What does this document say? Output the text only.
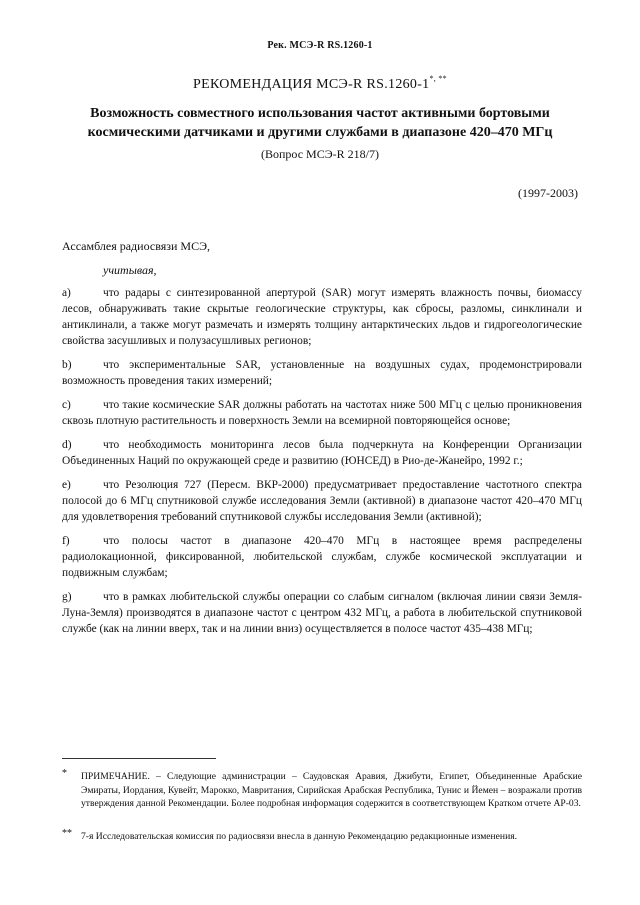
Рек. МСЭ-R RS.1260-1
РЕКОМЕНДАЦИЯ МСЭ-R RS.1260-1*, **
Возможность совместного использования частот активными бортовыми космическими датчиками и другими службами в диапазоне 420–470 МГц
(Вопрос МСЭ-R 218/7)
(1997-2003)
Ассамблея радиосвязи МСЭ,
учитывая,

a)	что радары с синтезированной апертурой (SAR) могут измерять влажность почвы, биомассу лесов, обнаруживать такие скрытые геологические структуры, как сбросы, разломы, синклинали и антиклинали, а также могут размечать и измерять толщину антарктических льдов и гидрогеологические свойства засушливых и полузасушливых регионов;

b)	что экспериментальные SAR, установленные на воздушных судах, продемонстрировали возможность проведения таких измерений;

c)	что такие космические SAR должны работать на частотах ниже 500 МГц с целью проникновения сквозь плотную растительность и поверхность Земли на всемирной повторяющейся основе;

d)	что необходимость мониторинга лесов была подчеркнута на Конференции Организации Объединенных Наций по окружающей среде и развитию (ЮНСЕД) в Рио-де-Жанейро, 1992 г.;

e)	что Резолюция 727 (Пересм. ВКР-2000) предусматривает предоставление частотного спектра полосой до 6 МГц спутниковой службе исследования Земли (активной) в диапазоне частот 420–470 МГц для удовлетворения требований спутниковой службы исследования Земли (активной);

f)	что полосы частот в диапазоне 420–470 МГц в настоящее время распределены радиолокационной, фиксированной, любительской службам, службе космической эксплуатации и подвижным службам;

g)	что в рамках любительской службы операции со слабым сигналом (включая линии связи Земля-Луна-Земля) производятся в диапазоне частот с центром 432 МГц, а работа в любительской спутниковой службе (как на линии вверх, так и на линии вниз) осуществляется в полосе частот 435–438 МГц;

* ПРИМЕЧАНИЕ. – Следующие администрации – Саудовская Аравия, Джибути, Египет, Объединенные Арабские Эмираты, Иордания, Кувейт, Марокко, Мавритания, Сирийская Арабская Республика, Тунис и Йемен – возражали против утверждения данной Рекомендации. Более подробная информация содержится в соответствующем Кратком отчете AP-03.
** 7-я Исследовательская комиссия по радиосвязи внесла в данную Рекомендацию редакционные изменения.
